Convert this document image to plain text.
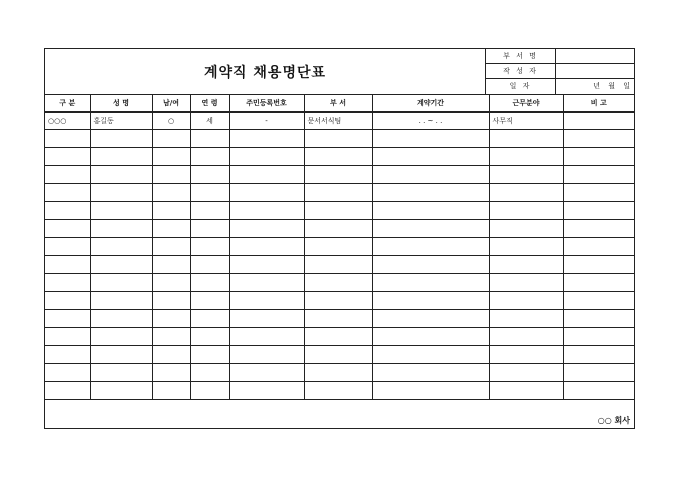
계약직 채용명단표
부 서 명
작 성 자
일 자	년 월 일
구 분	성 명	남/여	연 령	주민등록번호	부 서	계약기간	근무분야	비 고
○○○	홍길동	○	세	-	문서서식팀	. . ~ . .	사무직	

○○ 회사
